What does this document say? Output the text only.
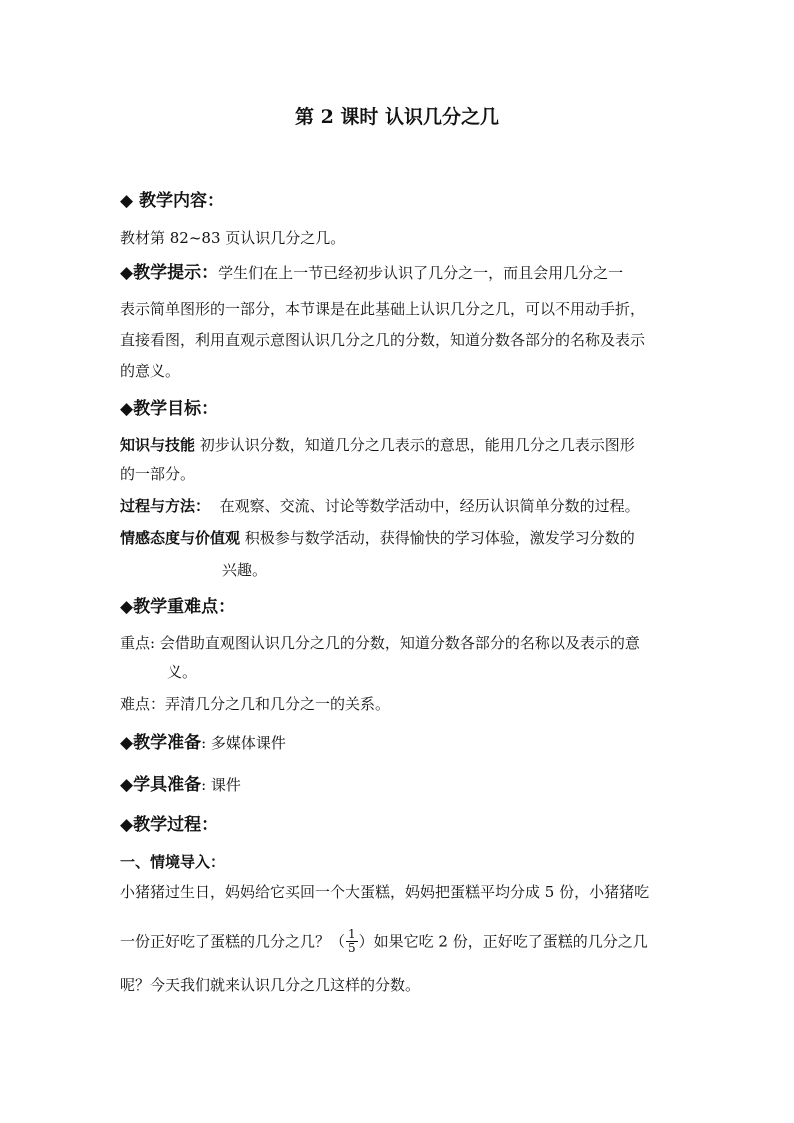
第 2 课时 认识几分之几
◆ 教学内容：
教材第 82~83 页认识几分之几。
◆教学提示：学生们在上一节已经初步认识了几分之一，而且会用几分之一
表示简单图形的一部分，本节课是在此基础上认识几分之几，可以不用动手折，
直接看图，利用直观示意图认识几分之几的分数，知道分数各部分的名称及表示
的意义。
◆教学目标：
知识与技能 初步认识分数，知道几分之几表示的意思，能用几分之几表示图形
的一部分。
过程与方法： 在观察、交流、讨论等数学活动中，经历认识简单分数的过程。
情感态度与价值观 积极参与数学活动，获得愉快的学习体验，激发学习分数的
兴趣。
◆教学重难点：
重点: 会借助直观图认识几分之几的分数，知道分数各部分的名称以及表示的意
义。
难点：弄清几分之几和几分之一的关系。
◆教学准备: 多媒体课件
◆学具准备: 课件
◆教学过程：
一、情境导入：
小猪猪过生日，妈妈给它买回一个大蛋糕，妈妈把蛋糕平均分成 5 份，小猪猪吃
一份正好吃了蛋糕的几分之几？（ $\frac{1}{5}$ ）如果它吃 2 份，正好吃了蛋糕的几分之几
呢？今天我们就来认识几分之几这样的分数。
